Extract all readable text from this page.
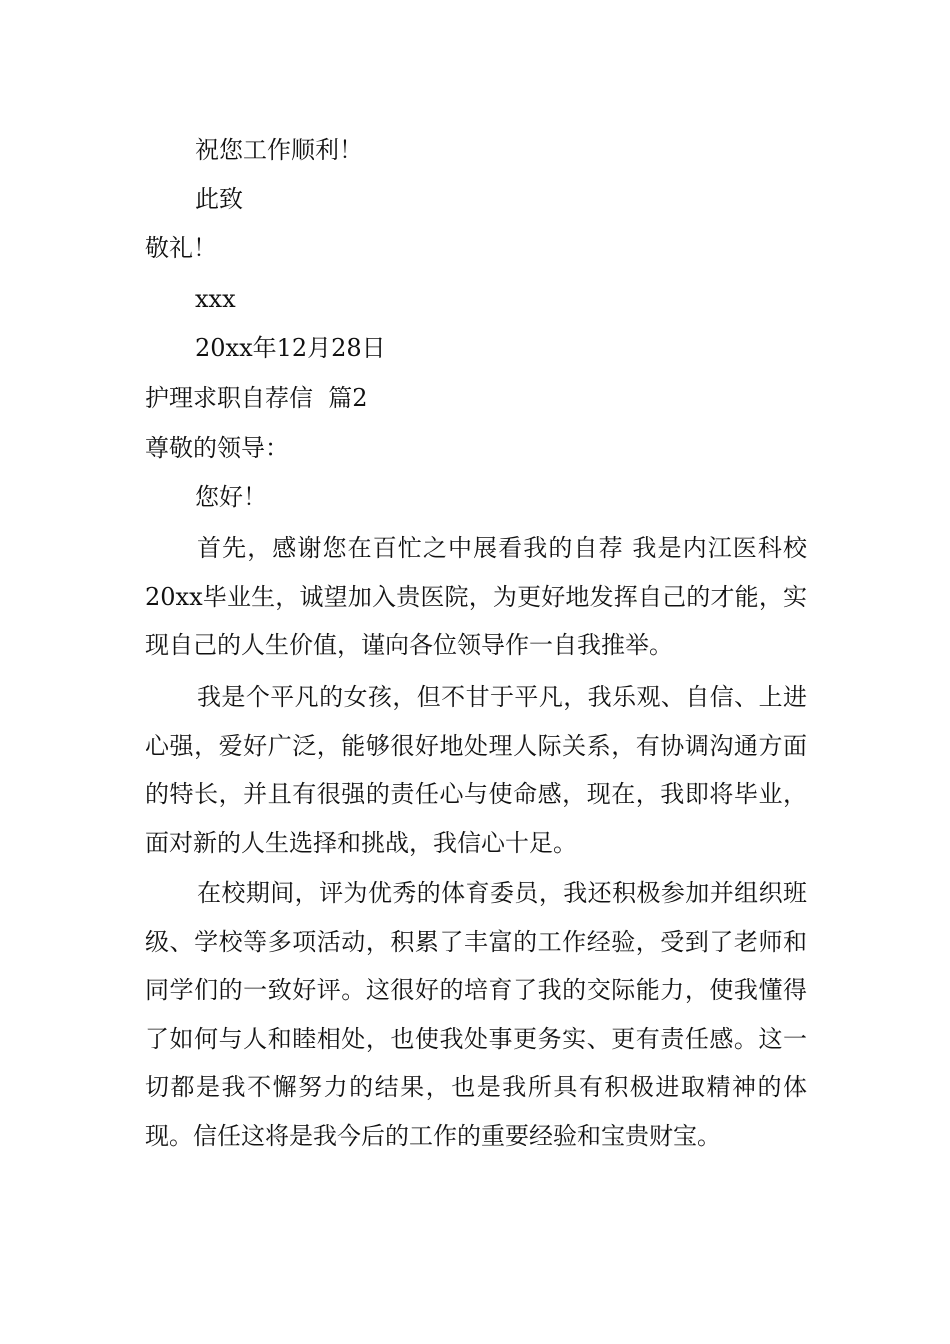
祝您工作顺利！
此致
敬礼！
xxx
20xx年12月28日
护理求职自荐信  篇2
尊敬的领导：
您好！

首先，感谢您在百忙之中展看我的自荐 我是内江医科校20xx毕业生，诚望加入贵医院，为更好地发挥自己的才能，实现自己的人生价值，谨向各位领导作一自我推举。

我是个平凡的女孩，但不甘于平凡，我乐观、自信、上进心强，爱好广泛，能够很好地处理人际关系，有协调沟通方面的特长，并且有很强的责任心与使命感，现在，我即将毕业，面对新的人生选择和挑战，我信心十足。

在校期间，评为优秀的体育委员，我还积极参加并组织班级、学校等多项活动，积累了丰富的工作经验，受到了老师和同学们的一致好评。这很好的培育了我的交际能力，使我懂得了如何与人和睦相处，也使我处事更务实、更有责任感。这一切都是我不懈努力的结果，也是我所具有积极进取精神的体现。信任这将是我今后的工作的重要经验和宝贵财宝。
